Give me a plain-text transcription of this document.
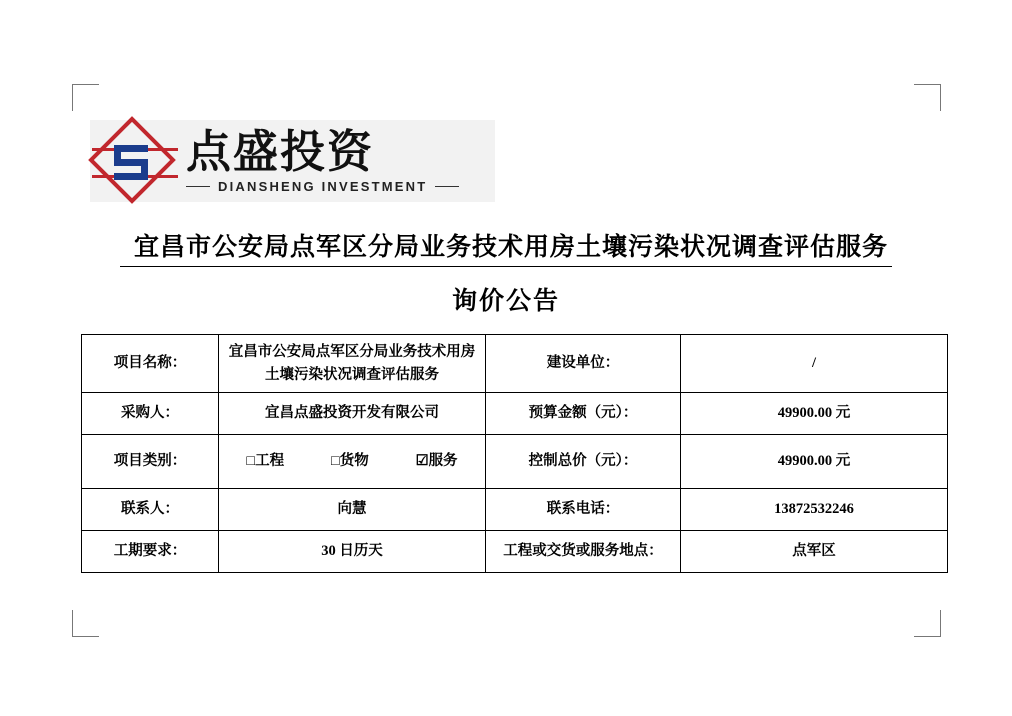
点盛投资
DIANSHENG INVESTMENT
宜昌市公安局点军区分局业务技术用房土壤污染状况调查评估服务
询价公告
项目名称：	宜昌市公安局点军区分局业务技术用房土壤污染状况调查评估服务	建设单位：	/
采购人：	宜昌点盛投资开发有限公司	预算金额（元）：	49900.00 元
项目类别：	□工程 □货物 ☑服务	控制总价（元）：	49900.00 元
联系人：	向慧	联系电话：	13872532246
工期要求：	30 日历天	工程或交货或服务地点：	点军区
